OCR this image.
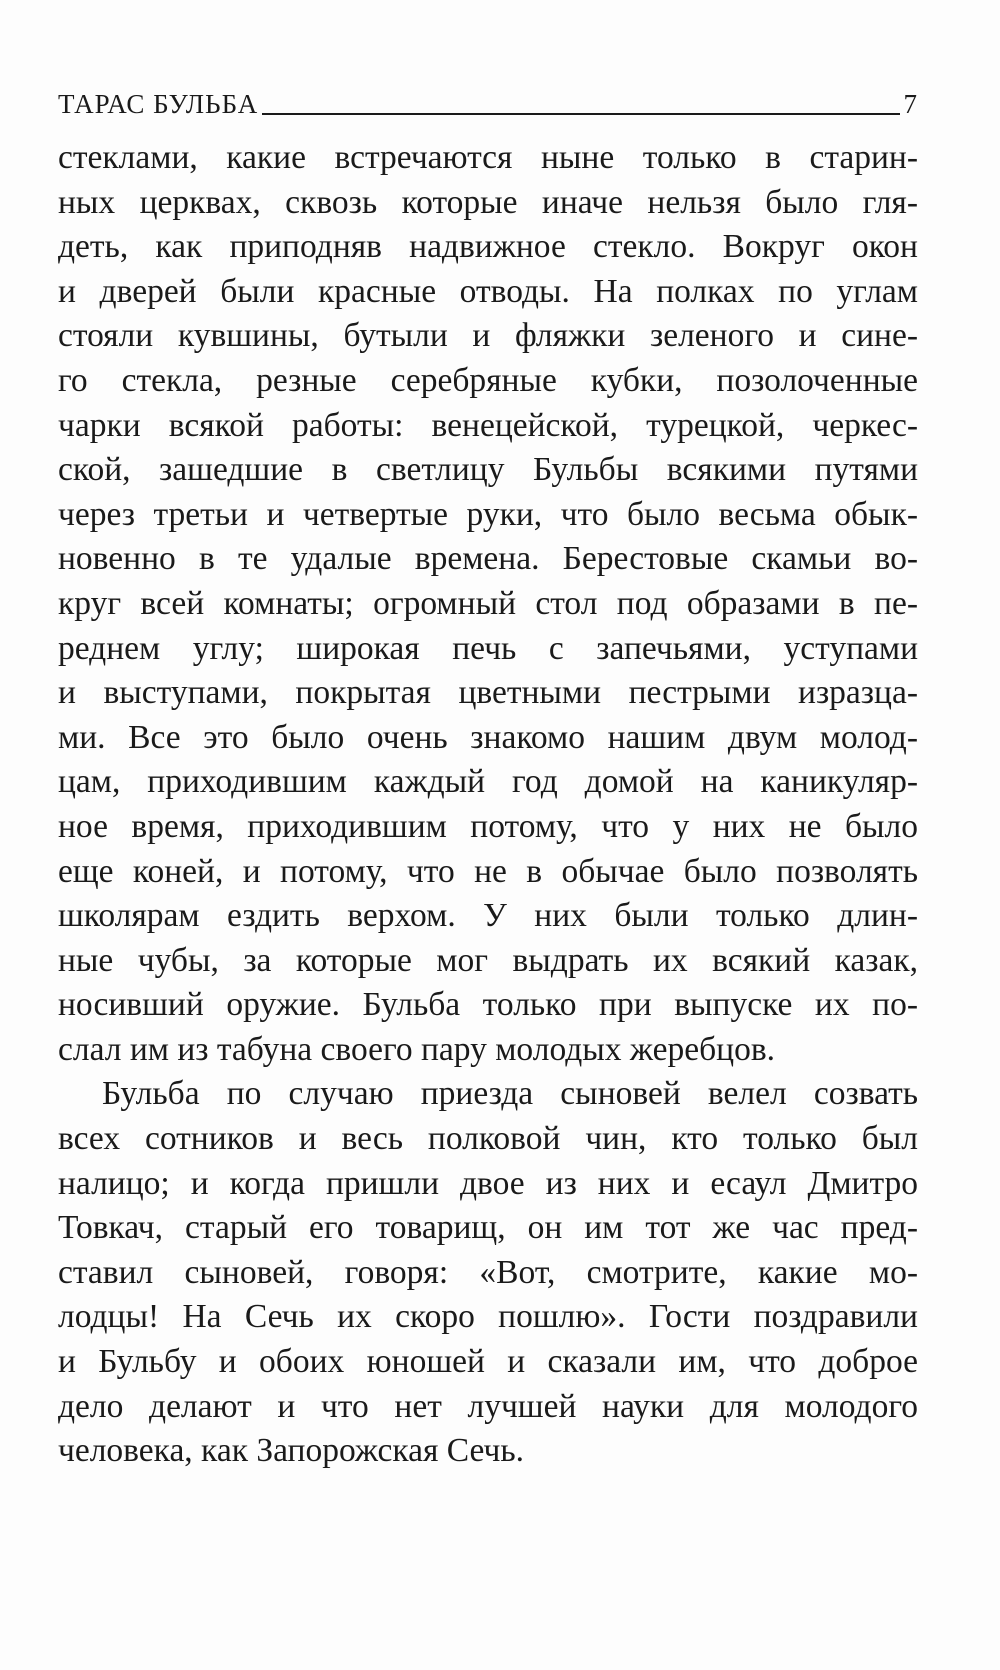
ТАРАС БУЛЬБА	7
стеклами, какие встречаются ныне только в старин-
ных церквах, сквозь которые иначе нельзя было гля-
деть, как приподняв надвижное стекло. Вокруг окон
и дверей были красные отводы. На полках по углам
стояли кувшины, бутыли и фляжки зеленого и сине-
го стекла, резные серебряные кубки, позолоченные
чарки всякой работы: венецейской, турецкой, черкес-
ской, зашедшие в светлицу Бульбы всякими путями
через третьи и четвертые руки, что было весьма обык-
новенно в те удалые времена. Берестовые скамьи во-
круг всей комнаты; огромный стол под образами в пе-
реднем углу; широкая печь с запечьями, уступами
и выступами, покрытая цветными пестрыми изразца-
ми. Все это было очень знакомо нашим двум молод-
цам, приходившим каждый год домой на каникуляр-
ное время, приходившим потому, что у них не было
еще коней, и потому, что не в обычае было позволять
школярам ездить верхом. У них были только длин-
ные чубы, за которые мог выдрать их всякий казак,
носивший оружие. Бульба только при выпуске их по-
слал им из табуна своего пару молодых жеребцов.
Бульба по случаю приезда сыновей велел созвать
всех сотников и весь полковой чин, кто только был
налицо; и когда пришли двое из них и есаул Дмитро
Товкач, старый его товарищ, он им тот же час пред-
ставил сыновей, говоря: «Вот, смотрите, какие мо-
лодцы! На Сечь их скоро пошлю». Гости поздравили
и Бульбу и обоих юношей и сказали им, что доброе
дело делают и что нет лучшей науки для молодого
человека, как Запорожская Сечь.
